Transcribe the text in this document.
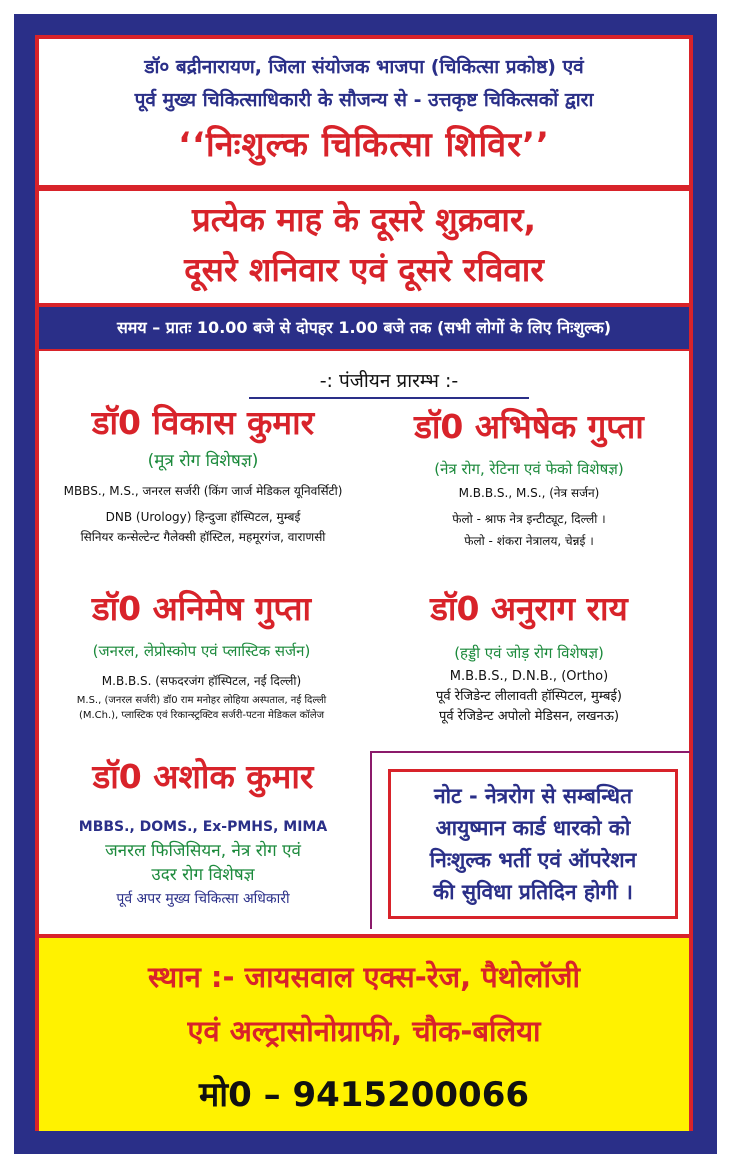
डॉ० बद्रीनारायण, जिला संयोजक भाजपा (चिकित्सा प्रकोष्ठ) एवं
पूर्व मुख्य चिकित्साधिकारी के सौजन्य से - उत्तकृष्ट चिकित्सकों द्वारा
‘‘निःशुल्क चिकित्सा शिविर’’
प्रत्येक माह के दूसरे शुक्रवार,
दूसरे शनिवार एवं दूसरे रविवार
समय – प्रातः 10.00 बजे से दोपहर 1.00 बजे तक (सभी लोगों के लिए निःशुल्क)
-: पंजीयन प्रारम्भ :-
डॉ0 विकास कुमार
(मूत्र रोग विशेषज्ञ)
MBBS., M.S., जनरल सर्जरी (किंग जार्ज मेडिकल यूनिवर्सिटी)
DNB (Urology) हिन्दुजा हॉस्पिटल, मुम्बई
सिनियर कन्सेल्टेन्ट गैलेक्सी हॉस्टिल, महमूरगंज, वाराणसी
डॉ0 अभिषेक गुप्ता
(नेत्र रोग, रेटिना एवं फेको विशेषज्ञ)
M.B.B.S., M.S., (नेत्र सर्जन)
फेलो - श्राफ नेत्र इन्टीट्यूट, दिल्ली ।
फेलो - शंकरा नेत्रालय, चेन्नई ।
डॉ0 अनिमेष गुप्ता
(जनरल, लेप्रोस्कोप एवं प्लास्टिक सर्जन)
M.B.B.S. (सफदरजंग हॉस्पिटल, नई दिल्ली)
M.S., (जनरल सर्जरी) डॉ0 राम मनोहर लोहिया अस्पताल, नई दिल्ली
(M.Ch.), प्लास्टिक एवं रिकान्स्ट्रक्टिव सर्जरी-पटना मेडिकल कॉलेज
डॉ0 अनुराग राय
(हड्डी एवं जोड़ रोग विशेषज्ञ)
M.B.B.S., D.N.B., (Ortho)
पूर्व रेजिडेन्ट लीलावती हॉस्पिटल, मुम्बई)
पूर्व रेजिडेन्ट अपोलो मेडिसन, लखनऊ)
डॉ0 अशोक कुमार
MBBS., DOMS., Ex-PMHS, MIMA
जनरल फिजिसियन, नेत्र रोग एवं
उदर रोग विशेषज्ञ
पूर्व अपर मुख्य चिकित्सा अधिकारी
नोट - नेत्ररोग से सम्बन्धित
आयुष्मान कार्ड धारको को
निःशुल्क भर्ती एवं ऑपरेशन
की सुविधा प्रतिदिन होगी ।
स्थान :- जायसवाल एक्स-रेज, पैथोलॉजी
एवं अल्ट्रासोनोग्राफी, चौक-बलिया
मो0 – 9415200066
